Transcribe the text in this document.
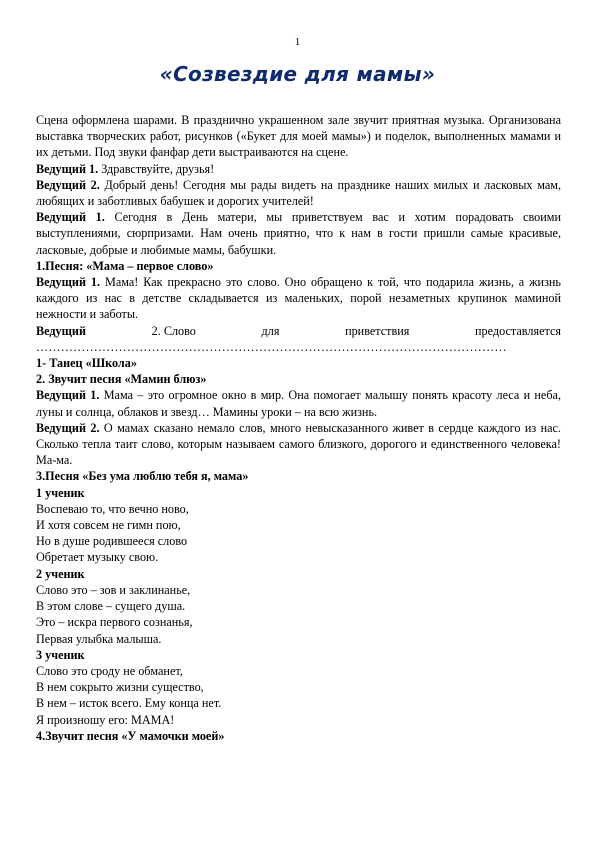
1
«Созвездие для мамы»

Сцена оформлена шарами. В празднично украшенном зале звучит приятная музыка. Организована выставка творческих работ, рисунков («Букет для моей мамы») и поделок, выполненных мамами и их детьми. Под звуки фанфар дети выстраиваются на сцене.

Ведущий 1. Здравствуйте, друзья!

Ведущий 2. Добрый день! Сегодня мы рады видеть на празднике наших милых и ласковых мам, любящих и заботливых бабушек и дорогих учителей!

Ведущий 1. Сегодня в День матери, мы приветствуем вас и хотим порадовать своими выступлениями, сюрпризами. Нам очень приятно, что к нам в гости пришли самые красивые, ласковые, добрые и любимые мамы, бабушки.

1.Песня: «Мама – первое слово»

Ведущий 1. Мама! Как прекрасно это слово. Оно обращено к той, что подарила жизнь, а жизнь каждого из нас в детстве складывается из маленьких, порой незаметных крупинок маминой нежности и заботы.

Ведущий	2. Слово	для	приветствия	предоставляется

……………………………………………………………………………………………………

1- Танец «Школа»

2. Звучит песня «Мамин блюз»

Ведущий 1. Мама – это огромное окно в мир. Она помогает малышу понять красоту леса и неба, луны и солнца, облаков и звезд… Мамины уроки – на всю жизнь.

Ведущий 2. О мамах сказано немало слов, много невысказанного живет в сердце каждого из нас. Сколько тепла таит слово, которым называем самого близкого, дорогого и единственного человека! Ма-ма.

3.Песня «Без ума люблю тебя я, мама»

1 ученик

Воспеваю то, что вечно ново,

И хотя совсем не гимн пою,

Но в душе родившееся слово

Обретает музыку свою.

2 ученик

Слово это – зов и заклинанье,

В этом слове – сущего душа.

Это – искра первого сознанья,

Первая улыбка малыша.

3 ученик

Слово это сроду не обманет,

В нем сокрыто жизни существо,

В нем – исток всего. Ему конца нет.

Я произношу его: МАМА!

4.Звучит песня «У мамочки моей»
